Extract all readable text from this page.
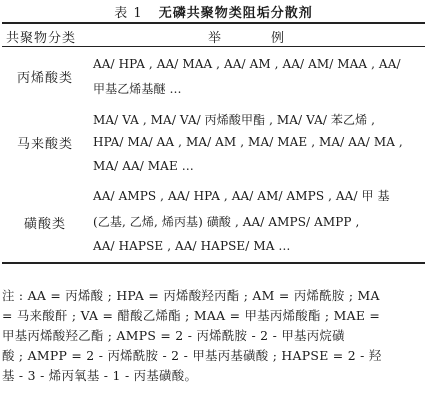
表 1 无磷共聚物类阻垢分散剂
共聚物分类	举	例
丙烯酸类
AA/ HPA , AA/ MAA , AA/ AM , AA/ AM/ MAA , AA/
甲基乙烯基醚 …
马来酸类
MA/ VA , MA/ VA/ 丙烯酸甲酯 , MA/ VA/ 苯乙烯 ,
HPA/ MA/ AA , MA/ AM , MA/ MAE , MA/ AA/ MA ,
MA/ AA/ MAE …
磺酸类
AA/ AMPS , AA/ HPA , AA/ AM/ AMPS , AA/ 甲 基
(乙基, 乙烯, 烯丙基) 磺酸 , AA/ AMPS/ AMPP ,
AA/ HAPSE , AA/ HAPSE/ MA …
注 : AA = 丙烯酸 ; HPA = 丙烯酸羟丙酯 ; AM = 丙烯酰胺 ; MA
= 马来酸酐 ; VA = 醋酸乙烯酯 ; MAA = 甲基丙烯酸酯 ; MAE =
甲基丙烯酸羟乙酯 ; AMPS = 2 - 丙烯酰胺 - 2 - 甲基丙烷磺
酸 ; AMPP = 2 - 丙烯酰胺 - 2 - 甲基丙基磺酸 ; HAPSE = 2 - 羟
基 - 3 - 烯丙氧基 - 1 - 丙基磺酸。
